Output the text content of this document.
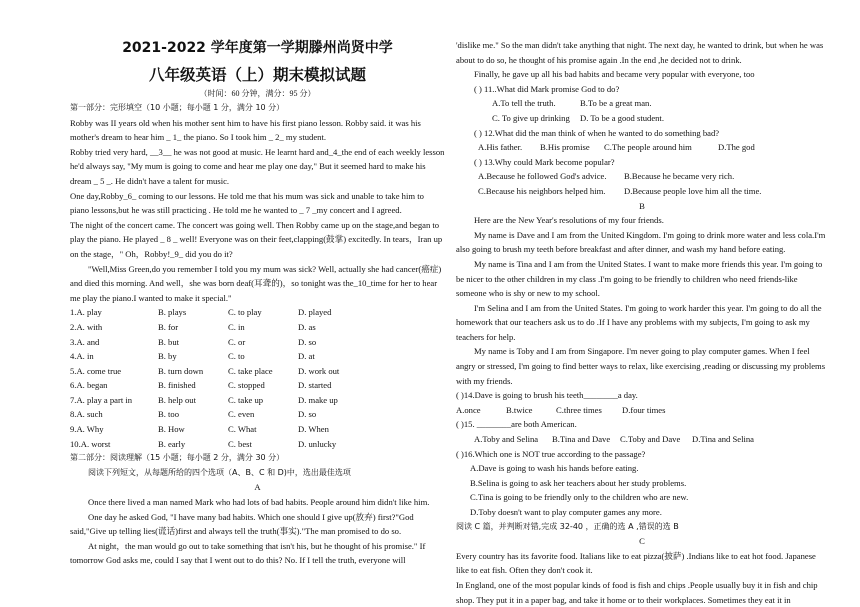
2021-2022 学年度第一学期滕州尚贤中学

八年级英语（上）期末模拟试题

（时间：60 分钟，满分：95 分）

第一部分：完形填空（10 小题；每小题 1 分，满分 10 分）

Robby was II years old when his mother sent him to have his first piano lesson. Robby said. it was his mother's dream to hear him _ 1_ the piano. So I took him _ 2_ my student.

Robby tried very hard, __3__ he was not good at music. He learnt hard and_4_the end of each weekly lesson he'd always say, "My mum is going to come and hear me play one day," But it seemed hard to make his dream _ 5 _. He didn't have a talent for music.

One day,Robby_6_ coming to our lessons. He told me that his mum was sick and unable to take him to piano lessons,but he was still practicing . He told me he wanted to _ 7 _my concert and I agreed.

The night of the concert came. The concert was going well. Then Robby came up on the stage,and began to play the piano. He played _ 8 _ well! Everyone was on their feet,clapping(鼓掌) excitedly. In tears，Iran up on the stage，" Oh，Robby!_9_ did you do it?

"Well,Miss Green,do you remember I told you my mum was sick? Well, actually she had cancer(癌症) and died this morning. And well，she was born deaf(耳聋的)，so tonight was the_10_time for her to hear me play the piano.I wanted to make it special."

1.A. play	B. plays	C. to play	D. played
2.A. with	B. for	C. in	D. as
3.A. and	B. but	C. or	D. so
4.A. in	B. by	C. to	D. at
5.A. come true	B. turn down	C. take place	D. work out
6.A. began	B. finished	C. stopped	D. started
7.A. play a part in	B. help out	C. take up	D. make up
8.A. such	B. too	C. even	D. so
9.A. Why	B. How	C. What	D. When
10.A. worst	B. early	C. best	D. unlucky

第二部分：阅读理解（15 小题；每小题 2 分，满分 30 分）

阅读下列短文，从每题所给的四个选项（A、B、C 和 D)中，选出最佳选项

A

Once there lived a man named Mark who had lots of bad habits. People around him didn't like him.

One day he asked God, "I have many bad habits. Which one should I give up(放弃) first?"God said,"Give up telling lies(谎话)first and always tell the truth(事实)."The man promised to do so.

At night，the man would go out to take something that isn't his, but he thought of his promise." If tomorrow God asks me, could I say that I went out to do this? No. If I tell the truth, everyone will

'dislike me." So the man didn't take anything that night. The next day, he wanted to drink, but when he was about to do so, he thought of his promise again .In the end ,he decided not to drink.

Finally, he gave up all his bad habits and became very popular with everyone, too

( ) 11..What did Mark promise God to do?

A.To tell the truth.	B.To be a great man.

C. To give up drinking D. To be a good student.

( ) 12.What did the man think of when he wanted to do something bad?

A.His father. B.His promise C.The people around him	D.The god

( ) 13.Why could Mark become popular?

A.Because he followed God's advice. B.Because he became very rich.

C.Because his neighbors helped him. D.Because people love him all the time.

B

Here are the New Year's resolutions of my four friends.

My name is Dave and I am from the United Kingdom. I'm going to drink more water and less cola.I'm also going to brush my teeth before breakfast and after dinner, and wash my hand before eating.

My name is Tina and I am from the United States. I want to make more friends this year. I'm going to be nicer to the other children in my class .I'm going to be friendly to children who need friends-like someone who is shy or new to my school.

I'm Selina and I am from the United States. I'm going to work harder this year. I'm going to do all the homework that our teachers ask us to do .If I have any problems with my subjects, I'm going to ask my teachers for help.

My name is Toby and I am from Singapore. I'm never going to play computer games. When I feel angry or stressed, I'm going to find better ways to relax, like exercising ,reading or discussing my problems with my friends.

( )14.Dave is going to brush his teeth________a day.

A.once	B.twice	C.three times D.four times

( )15. ________are both American.

A.Toby and Selina B.Tina and Dave C.Toby and Dave D.Tina and Selina

( )16.Which one is NOT true according to the passage?

A.Dave is going to wash his hands before eating.

B.Selina is going to ask her teachers about her study problems.

C.Tina is going to be friendly only to the children who are new.

D.Toby doesn't want to play computer games any more.

阅读 C 篇，并判断对错,完成 32-40 ，正确的选 A ,错误的选 B

C

Every country has its favorite food. Italians like to eat pizza(披萨) .Indians like to eat hot food. Japanese like to eat fish. Often they don't cook it.

In England, one of the most popular kinds of food is fish and chips .People usually buy it in fish and chip shop. They put it in a paper bag, and take it home or to their workplaces. Sometimes they eat it in
